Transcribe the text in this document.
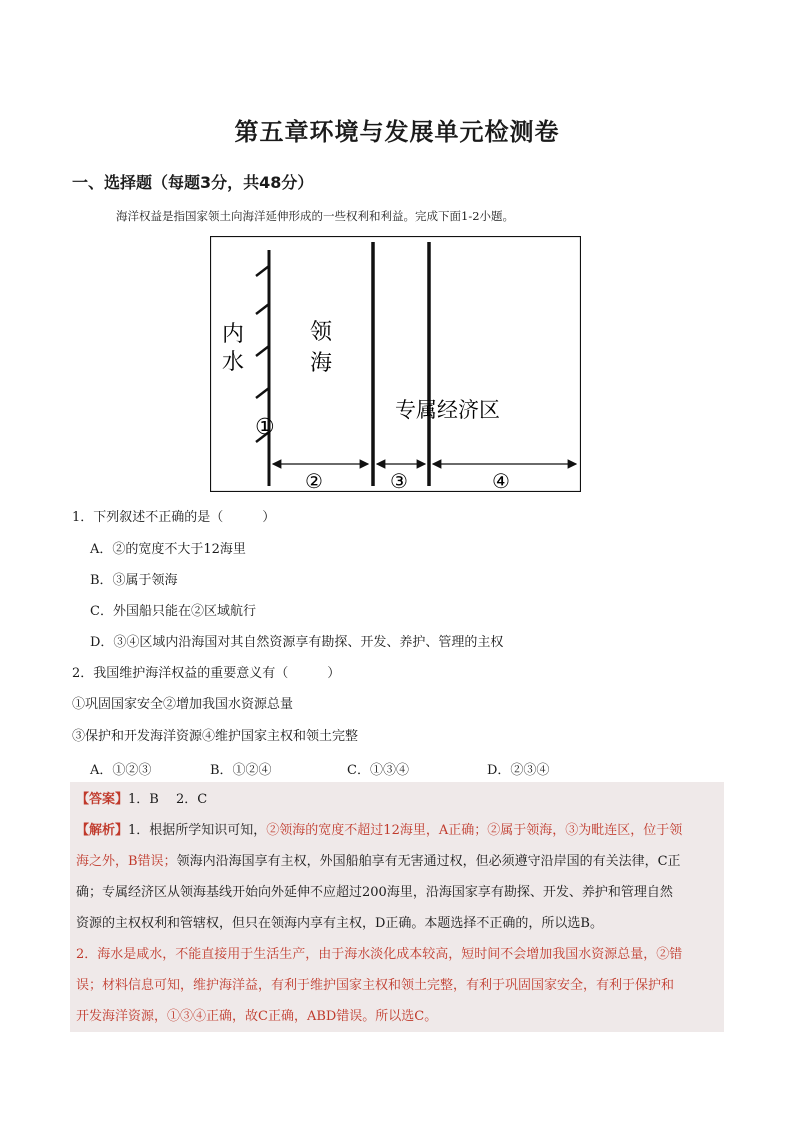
第五章环境与发展单元检测卷
一、选择题（每题3分，共48分）
海洋权益是指国家领土向海洋延伸形成的一些权利和利益。完成下面1-2小题。
内
水
领
海
专属经济区
①
②	③	④
1．下列叙述不正确的是（　　　）
A．②的宽度不大于12海里
B．③属于领海
C．外国船只能在②区域航行
D．③④区域内沿海国对其自然资源享有勘探、开发、养护、管理的主权
2．我国维护海洋权益的重要意义有（　　　）
①巩固国家安全②增加我国水资源总量
③保护和开发海洋资源④维护国家主权和领土完整
A．①②③	B．①②④	C．①③④	D．②③④
【答案】1．B　 2．C
【解析】1．根据所学知识可知，②领海的宽度不超过12海里，A正确；②属于领海，③为毗连区，位于领
海之外，B错误；领海内沿海国享有主权，外国船舶享有无害通过权，但必须遵守沿岸国的有关法律，C正
确；专属经济区从领海基线开始向外延伸不应超过200海里，沿海国家享有勘探、开发、养护和管理自然
资源的主权权利和管辖权，但只在领海内享有主权，D正确。本题选择不正确的，所以选B。
2．海水是咸水，不能直接用于生活生产，由于海水淡化成本较高，短时间不会增加我国水资源总量，②错
误；材料信息可知，维护海洋益，有利于维护国家主权和领土完整，有利于巩固国家安全，有利于保护和
开发海洋资源，①③④正确，故C正确，ABD错误。所以选C。
